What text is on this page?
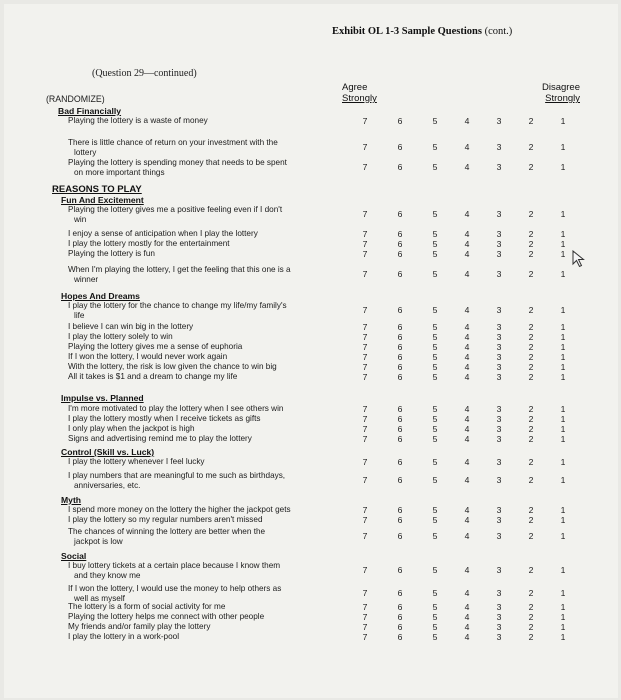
Exhibit OL 1-3 Sample Questions (cont.)
(Question 29—continued)
Agree
Strongly
Disagree
Strongly
(RANDOMIZE)
Bad Financially
Playing the lottery is a waste of money	7	6	5	4	3	2	1
There is little chance of return on your investment with the
lottery
7	6	5	4	3	2	1
Playing the lottery is spending money that needs to be spent
on more important things
7	6	5	4	3	2	1
REASONS TO PLAY
Fun And Excitement
Playing the lottery gives me a positive feeling even if I don't
win
7	6	5	4	3	2	1
I enjoy a sense of anticipation when I play the lottery	7	6	5	4	3	2	1
I play the lottery mostly for the entertainment	7	6	5	4	3	2	1
Playing the lottery is fun	7	6	5	4	3	2	1
When I'm playing the lottery, I get the feeling that this one is a
winner
7	6	5	4	3	2	1
Hopes And Dreams
I play the lottery for the chance to change my life/my family's
life
7	6	5	4	3	2	1
I believe I can win big in the lottery	7	6	5	4	3	2	1
I play the lottery solely to win	7	6	5	4	3	2	1
Playing the lottery gives me a sense of euphoria	7	6	5	4	3	2	1
If I won the lottery, I would never work again	7	6	5	4	3	2	1
With the lottery, the risk is low given the chance to win big	7	6	5	4	3	2	1
All it takes is $1 and a dream to change my life	7	6	5	4	3	2	1
Impulse vs. Planned
I'm more motivated to play the lottery when I see others win	7	6	5	4	3	2	1
I play the lottery mostly when I receive tickets as gifts	7	6	5	4	3	2	1
I only play when the jackpot is high	7	6	5	4	3	2	1
Signs and advertising remind me to play the lottery	7	6	5	4	3	2	1
Control (Skill vs. Luck)
I play the lottery whenever I feel lucky	7	6	5	4	3	2	1
I play numbers that are meaningful to me such as birthdays,
anniversaries, etc.
7	6	5	4	3	2	1
Myth
I spend more money on the lottery the higher the jackpot gets	7	6	5	4	3	2	1
I play the lottery so my regular numbers aren't missed	7	6	5	4	3	2	1
The chances of winning the lottery are better when the
jackpot is low
7	6	5	4	3	2	1
Social
I buy lottery tickets at a certain place because I know them
and they know me
7	6	5	4	3	2	1
If I won the lottery, I would use the money to help others as
well as myself
7	6	5	4	3	2	1
The lottery is a form of social activity for me	7	6	5	4	3	2	1
Playing the lottery helps me connect with other people	7	6	5	4	3	2	1
My friends and/or family play the lottery	7	6	5	4	3	2	1
I play the lottery in a work-pool	7	6	5	4	3	2	1
